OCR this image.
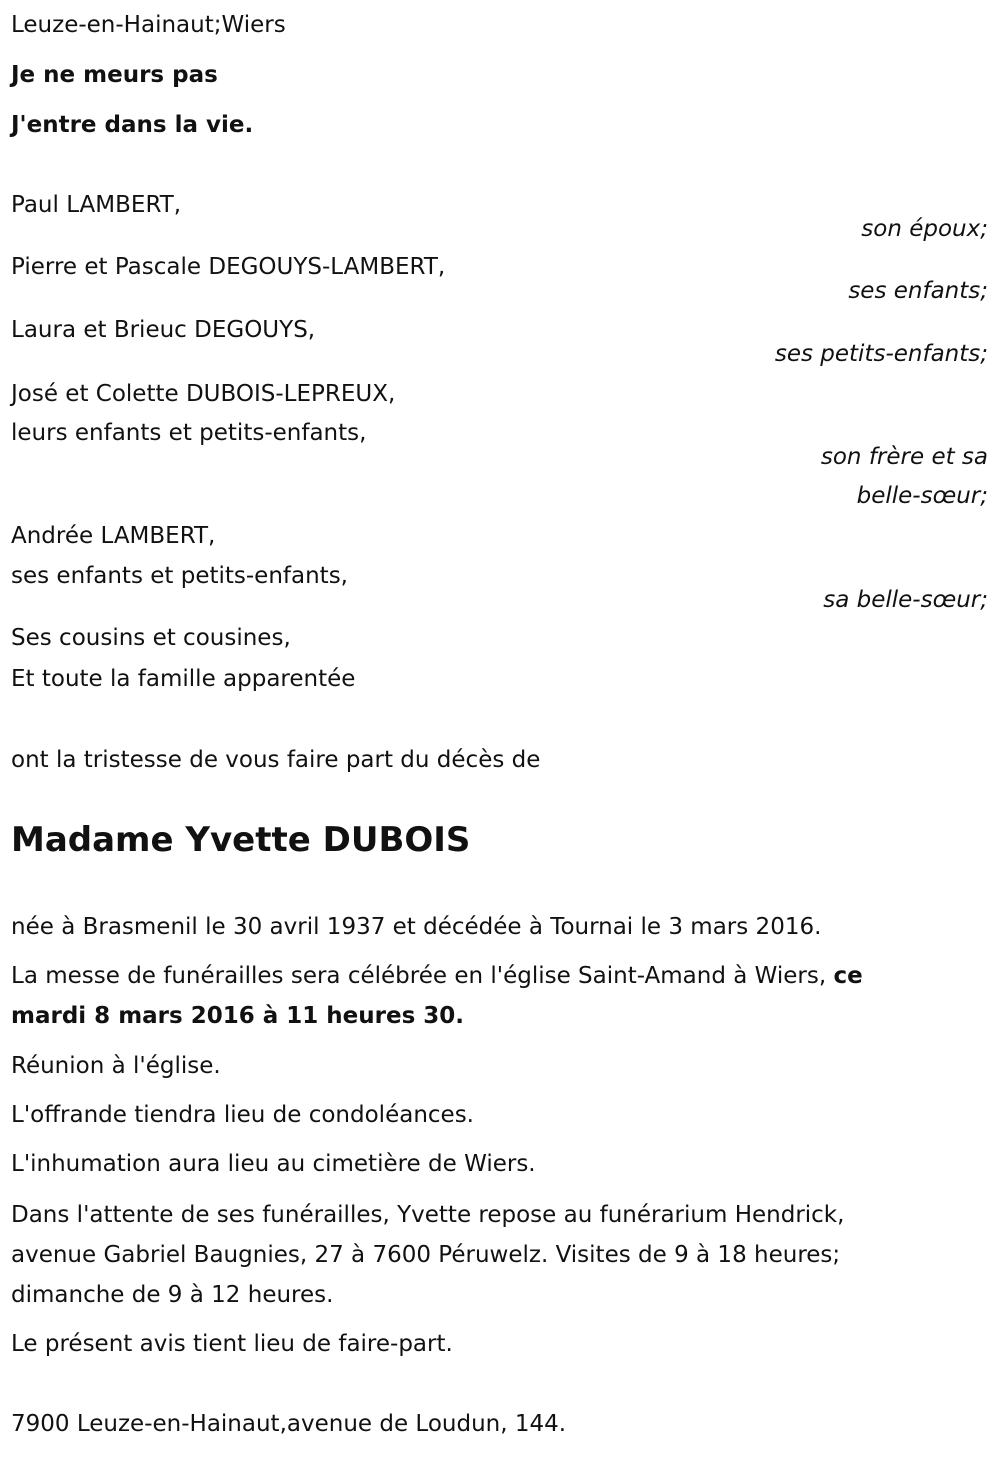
Leuze-en-Hainaut;Wiers
Je ne meurs pas
J'entre dans la vie.
Paul LAMBERT,
son époux;
Pierre et Pascale DEGOUYS-LAMBERT,
ses enfants;
Laura et Brieuc DEGOUYS,
ses petits-enfants;
José et Colette DUBOIS-LEPREUX,
leurs enfants et petits-enfants,
son frère et sa
belle-sœur;
Andrée LAMBERT,
ses enfants et petits-enfants,
sa belle-sœur;
Ses cousins et cousines,
Et toute la famille apparentée
ont la tristesse de vous faire part du décès de
Madame Yvette DUBOIS
née à Brasmenil le 30 avril 1937 et décédée à Tournai le 3 mars 2016.
La messe de funérailles sera célébrée en l'église Saint-Amand à Wiers, ce
mardi 8 mars 2016 à 11 heures 30.
Réunion à l'église.
L'offrande tiendra lieu de condoléances.
L'inhumation aura lieu au cimetière de Wiers.
Dans l'attente de ses funérailles, Yvette repose au funérarium Hendrick,
avenue Gabriel Baugnies, 27 à 7600 Péruwelz. Visites de 9 à 18 heures;
dimanche de 9 à 12 heures.
Le présent avis tient lieu de faire-part.
7900 Leuze-en-Hainaut,avenue de Loudun, 144.
